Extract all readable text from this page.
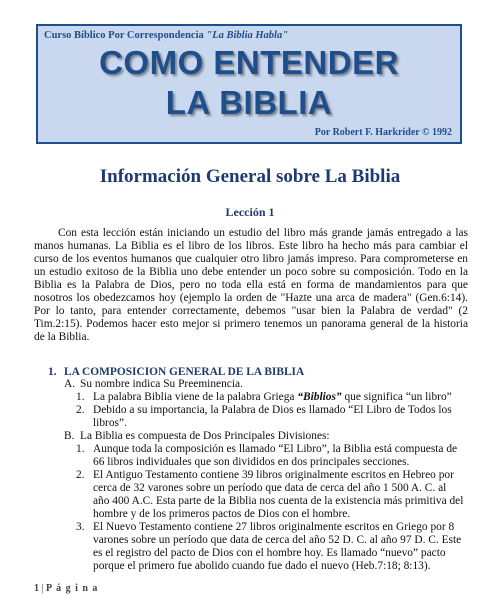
Curso Bíblico Por Correspondencia "La Biblia Habla"
COMO ENTENDER
LA BIBLIA
Por Robert F. Harkrider © 1992
Información General sobre La Biblia
Lección 1

Con esta lección están iniciando un estudio del libro más grande jamás entregado a las manos humanas. La Biblia es el libro de los libros. Este libro ha hecho más para cambiar el curso de los eventos humanos que cualquier otro libro jamás impreso. Para comprometerse en un estudio exitoso de la Biblia uno debe entender un poco sobre su composición. Todo en la Biblia es la Palabra de Dios, pero no toda ella está en forma de mandamientos para que nosotros los obedezcamos hoy (ejemplo la orden de "Hazte una arca de madera" (Gen.6:14). Por lo tanto, para entender correctamente, debemos "usar bien la Palabra de verdad" (2 Tim.2:15). Podemos hacer esto mejor si primero tenemos un panorama general de la historia de la Biblia.

1. LA COMPOSICION GENERAL DE LA BIBLIA
A. Su nombre indica Su Preeminencia.
1. La palabra Biblia viene de la palabra Griega “Biblios” que significa “un libro”
2. Debido a su importancia, la Palabra de Dios es llamado “El Libro de Todos los
libros”.
B. La Biblia es compuesta de Dos Principales Divisiones:
1. Aunque toda la composición es llamado “El Libro”, la Biblia está compuesta de
66 libros individuales que son divididos en dos principales secciones.
2. El Antiguo Testamento contiene 39 libros originalmente escritos en Hebreo por
cerca de 32 varones sobre un período que data de cerca del año 1 500 A. C. al
año 400 A.C. Esta parte de la Biblia nos cuenta de la existencia más primitiva del
hombre y de los primeros pactos de Dios con el hombre.
3. El Nuevo Testamento contiene 27 libros originalmente escritos en Griego por 8
varones sobre un período que data de cerca del año 52 D. C. al año 97 D. C. Este
es el registro del pacto de Dios con el hombre hoy. Es llamado “nuevo” pacto
porque el primero fue abolido cuando fue dado el nuevo (Heb.7:18; 8:13).
1 | P á g i n a
